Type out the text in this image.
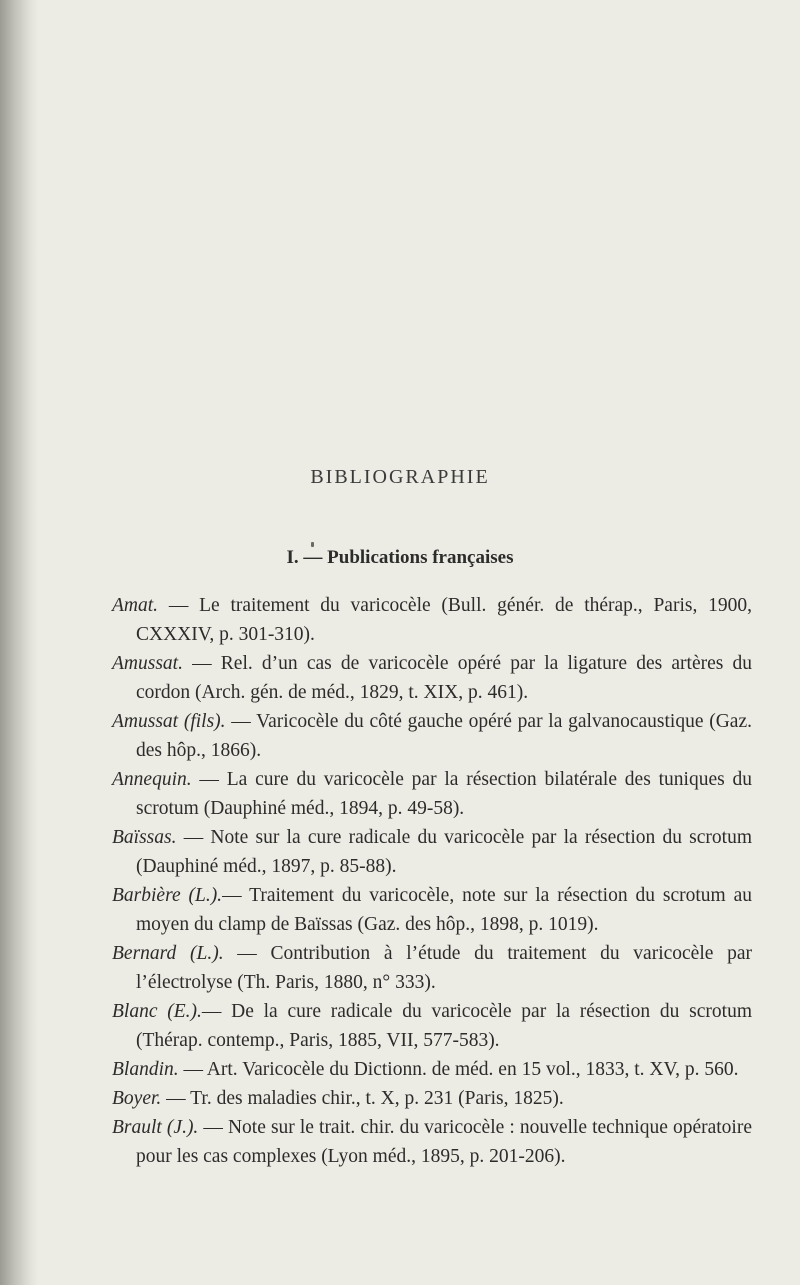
BIBLIOGRAPHIE
I. — Publications françaises

Amat. — Le traitement du varicocèle (Bull. génér. de thérap., Paris, 1900, CXXXIV, p. 301-310).

Amussat. — Rel. d’un cas de varicocèle opéré par la ligature des artères du cordon (Arch. gén. de méd., 1829, t. XIX, p. 461).

Amussat (fils). — Varicocèle du côté gauche opéré par la galvanocaustique (Gaz. des hôp., 1866).

Annequin. — La cure du varicocèle par la résection bilatérale des tuniques du scrotum (Dauphiné méd., 1894, p. 49-58).

Baïssas. — Note sur la cure radicale du varicocèle par la résection du scrotum (Dauphiné méd., 1897, p. 85-88).

Barbière (L.).— Traitement du varicocèle, note sur la résection du scrotum au moyen du clamp de Baïssas (Gaz. des hôp., 1898, p. 1019).

Bernard (L.). — Contribution à l’étude du traitement du varicocèle par l’électrolyse (Th. Paris, 1880, n° 333).

Blanc (E.).— De la cure radicale du varicocèle par la résection du scrotum (Thérap. contemp., Paris, 1885, VII, 577-583).

Blandin. — Art. Varicocèle du Dictionn. de méd. en 15 vol., 1833, t. XV, p. 560.

Boyer. — Tr. des maladies chir., t. X, p. 231 (Paris, 1825).

Brault (J.). — Note sur le trait. chir. du varicocèle : nouvelle technique opératoire pour les cas complexes (Lyon méd., 1895, p. 201-206).
